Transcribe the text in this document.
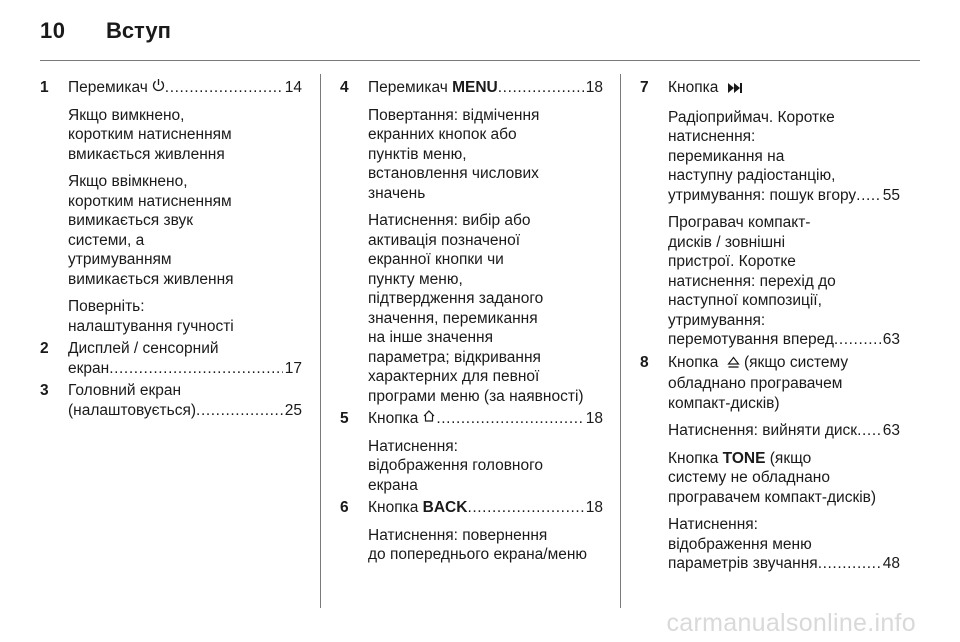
10 Вступ
1 Перемикач .....	14
Якщо вимкнено,
коротким натисненням
вмикається живлення
Якщо ввімкнено,
коротким натисненням
вимикається звук
системи, а
утримуванням
вимикається живлення
Поверніть:
налаштування гучності
2 Дисплей / сенсорний
екран .....	17
3 Головний екран
(налаштовується) .....	25
4 Перемикач
MENU .....	18
Повертання: відмічення
екранних кнопок або
пунктів меню,
встановлення числових
значень
Натиснення: вибір або
активація позначеної
екранної кнопки чи
пункту меню,
підтвердження заданого
значення, перемикання
на інше значення
параметра; відкривання
характерних для певної
програми меню (за наявності)
5 Кнопка .....	18
Натиснення:
відображення головного
екрана
6 Кнопка
BACK .....	18
Натиснення: повернення
до попереднього екрана/меню
7 Кнопка
Радіоприймач. Коротке
натиснення:
перемикання на
наступну радіостанцію,
утримування: пошук вгору ..... 55
Програвач компакт-
дисків / зовнішні
пристрої. Коротке
натиснення: перехід до
наступної композиції,
утримування:
перемотування вперед .....	63
8 Кнопка (якщо систему
обладнано програвачем
компакт-дисків)
Натиснення: вийняти диск ..... 63
Кнопка TONE (якщо
систему не обладнано
програвачем компакт-дисків)
Натиснення:
відображення меню
параметрів звучання .....	48
carmanualsonline.info
